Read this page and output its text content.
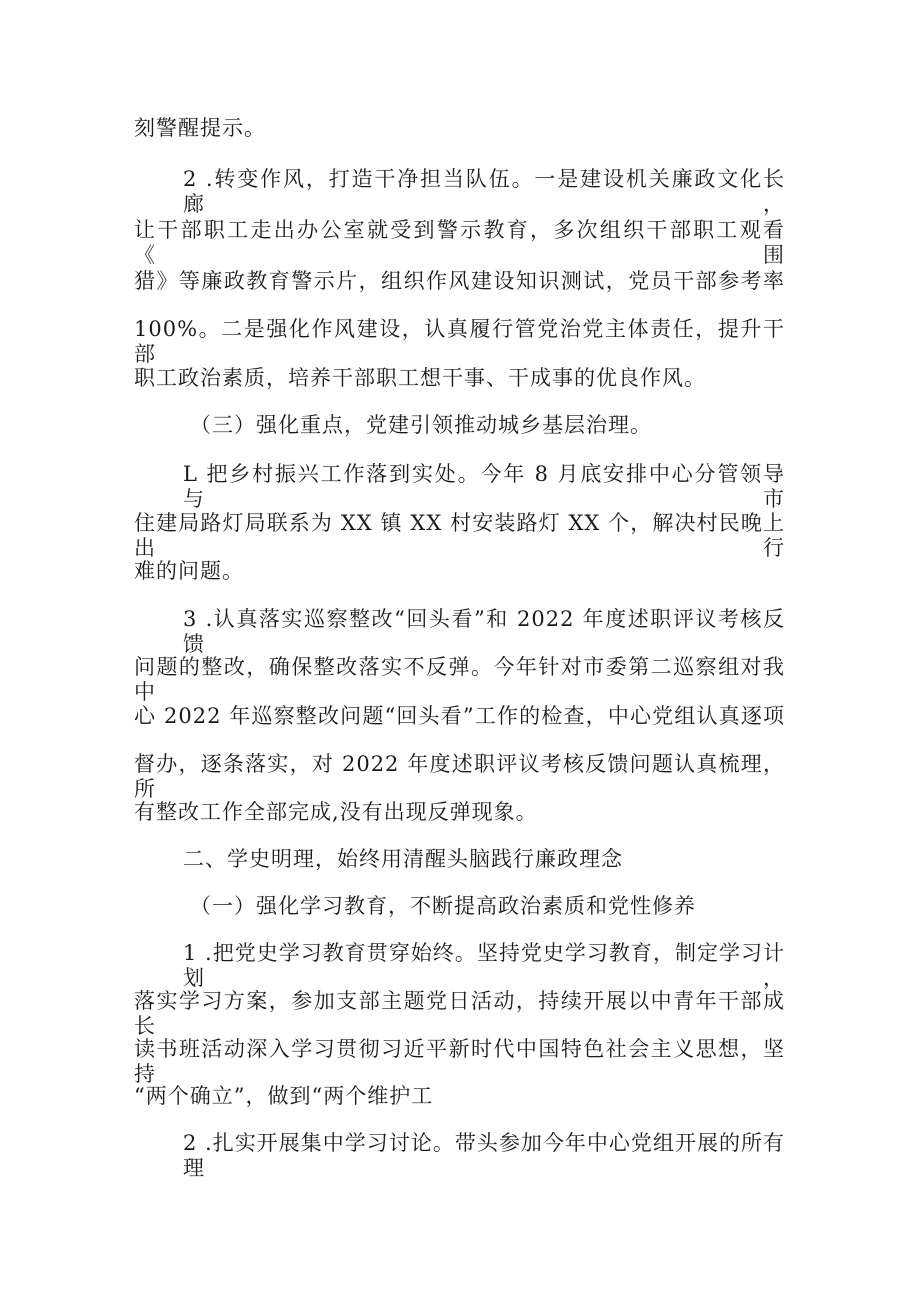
刻警醒提示。
2 .转变作风，打造干净担当队伍。一是建设机关廉政文化长廊，
让干部职工走出办公室就受到警示教育，多次组织干部职工观看《围
猎》等廉政教育警示片，组织作风建设知识测试，党员干部参考率
100%。二是强化作风建设，认真履行管党治党主体责任，提升干部
职工政治素质，培养干部职工想干事、干成事的优良作风。
（三）强化重点，党建引领推动城乡基层治理。
L 把乡村振兴工作落到实处。今年 8 月底安排中心分管领导与市
住建局路灯局联系为 XX 镇 XX 村安装路灯 XX 个，解决村民晚上出行
难的问题。
3 .认真落实巡察整改“回头看”和 2022 年度述职评议考核反馈
问题的整改，确保整改落实不反弹。今年针对市委第二巡察组对我中
心 2022 年巡察整改问题“回头看”工作的检查，中心党组认真逐项
督办，逐条落实，对 2022 年度述职评议考核反馈问题认真梳理，所
有整改工作全部完成,没有出现反弹现象。
二、学史明理，始终用清醒头脑践行廉政理念
（一）强化学习教育，不断提高政治素质和党性修养
1 .把党史学习教育贯穿始终。坚持党史学习教育，制定学习计划，
落实学习方案，参加支部主题党日活动，持续开展以中青年干部成长
读书班活动深入学习贯彻习近平新时代中国特色社会主义思想，坚持
“两个确立”，做到“两个维护工
2 .扎实开展集中学习讨论。带头参加今年中心党组开展的所有理
